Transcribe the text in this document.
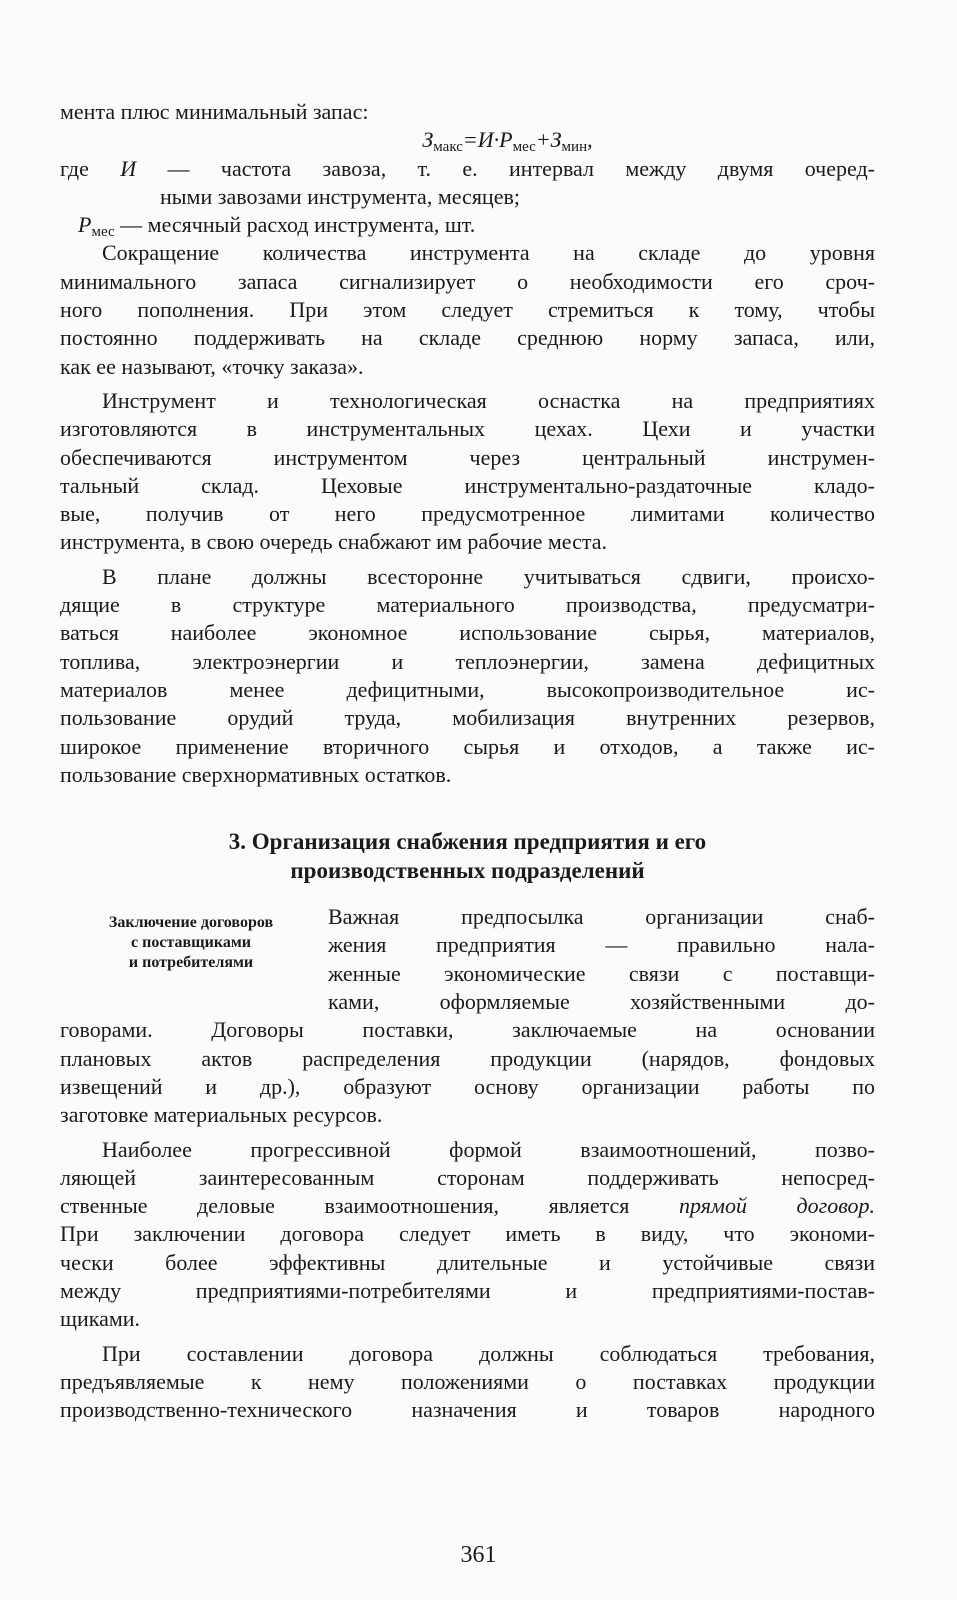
мента плюс минимальный запас:
$З_{макс}=И\cdot Р_{мес}+З_{мин}$,
где И — частота завоза, т. е. интервал между двумя очеред-
ными завозами инструмента, месяцев;
$Р_{мес}$ — месячный расход инструмента, шт.
Сокращение количества инструмента на складе до уровня
минимального запаса сигнализирует о необходимости его сроч-
ного пополнения. При этом следует стремиться к тому, чтобы
постоянно поддерживать на складе среднюю норму запаса, или,
как ее называют, «точку заказа».
Инструмент и технологическая оснастка на предприятиях
изготовляются в инструментальных цехах. Цехи и участки
обеспечиваются инструментом через центральный инструмен-
тальный склад. Цеховые инструментально-раздаточные кладо-
вые, получив от него предусмотренное лимитами количество
инструмента, в свою очередь снабжают им рабочие места.
В плане должны всесторонне учитываться сдвиги, происхо-
дящие в структуре материального производства, предусматри-
ваться наиболее экономное использование сырья, материалов,
топлива, электроэнергии и теплоэнергии, замена дефицитных
материалов менее дефицитными, высокопроизводительное ис-
пользование орудий труда, мобилизация внутренних резервов,
широкое применение вторичного сырья и отходов, а также ис-
пользование сверхнормативных остатков.
3. Организация снабжения предприятия и его
производственных подразделений
Заключение договоров
с поставщиками
и потребителями
Важная предпосылка организации снаб-
жения предприятия — правильно нала-
женные экономические связи с поставщи-
ками, оформляемые хозяйственными до-
говорами. Договоры поставки, заключаемые на основании
плановых актов распределения продукции (нарядов, фондовых
извещений и др.), образуют основу организации работы по
заготовке материальных ресурсов.
Наиболее прогрессивной формой взаимоотношений, позво-
ляющей заинтересованным сторонам поддерживать непосред-
ственные деловые взаимоотношения, является прямой договор.
При заключении договора следует иметь в виду, что экономи-
чески более эффективны длительные и устойчивые связи
между предприятиями-потребителями и предприятиями-постав-
щиками.
При составлении договора должны соблюдаться требования,
предъявляемые к нему положениями о поставках продукции
производственно-технического назначения и товаров народного
361
